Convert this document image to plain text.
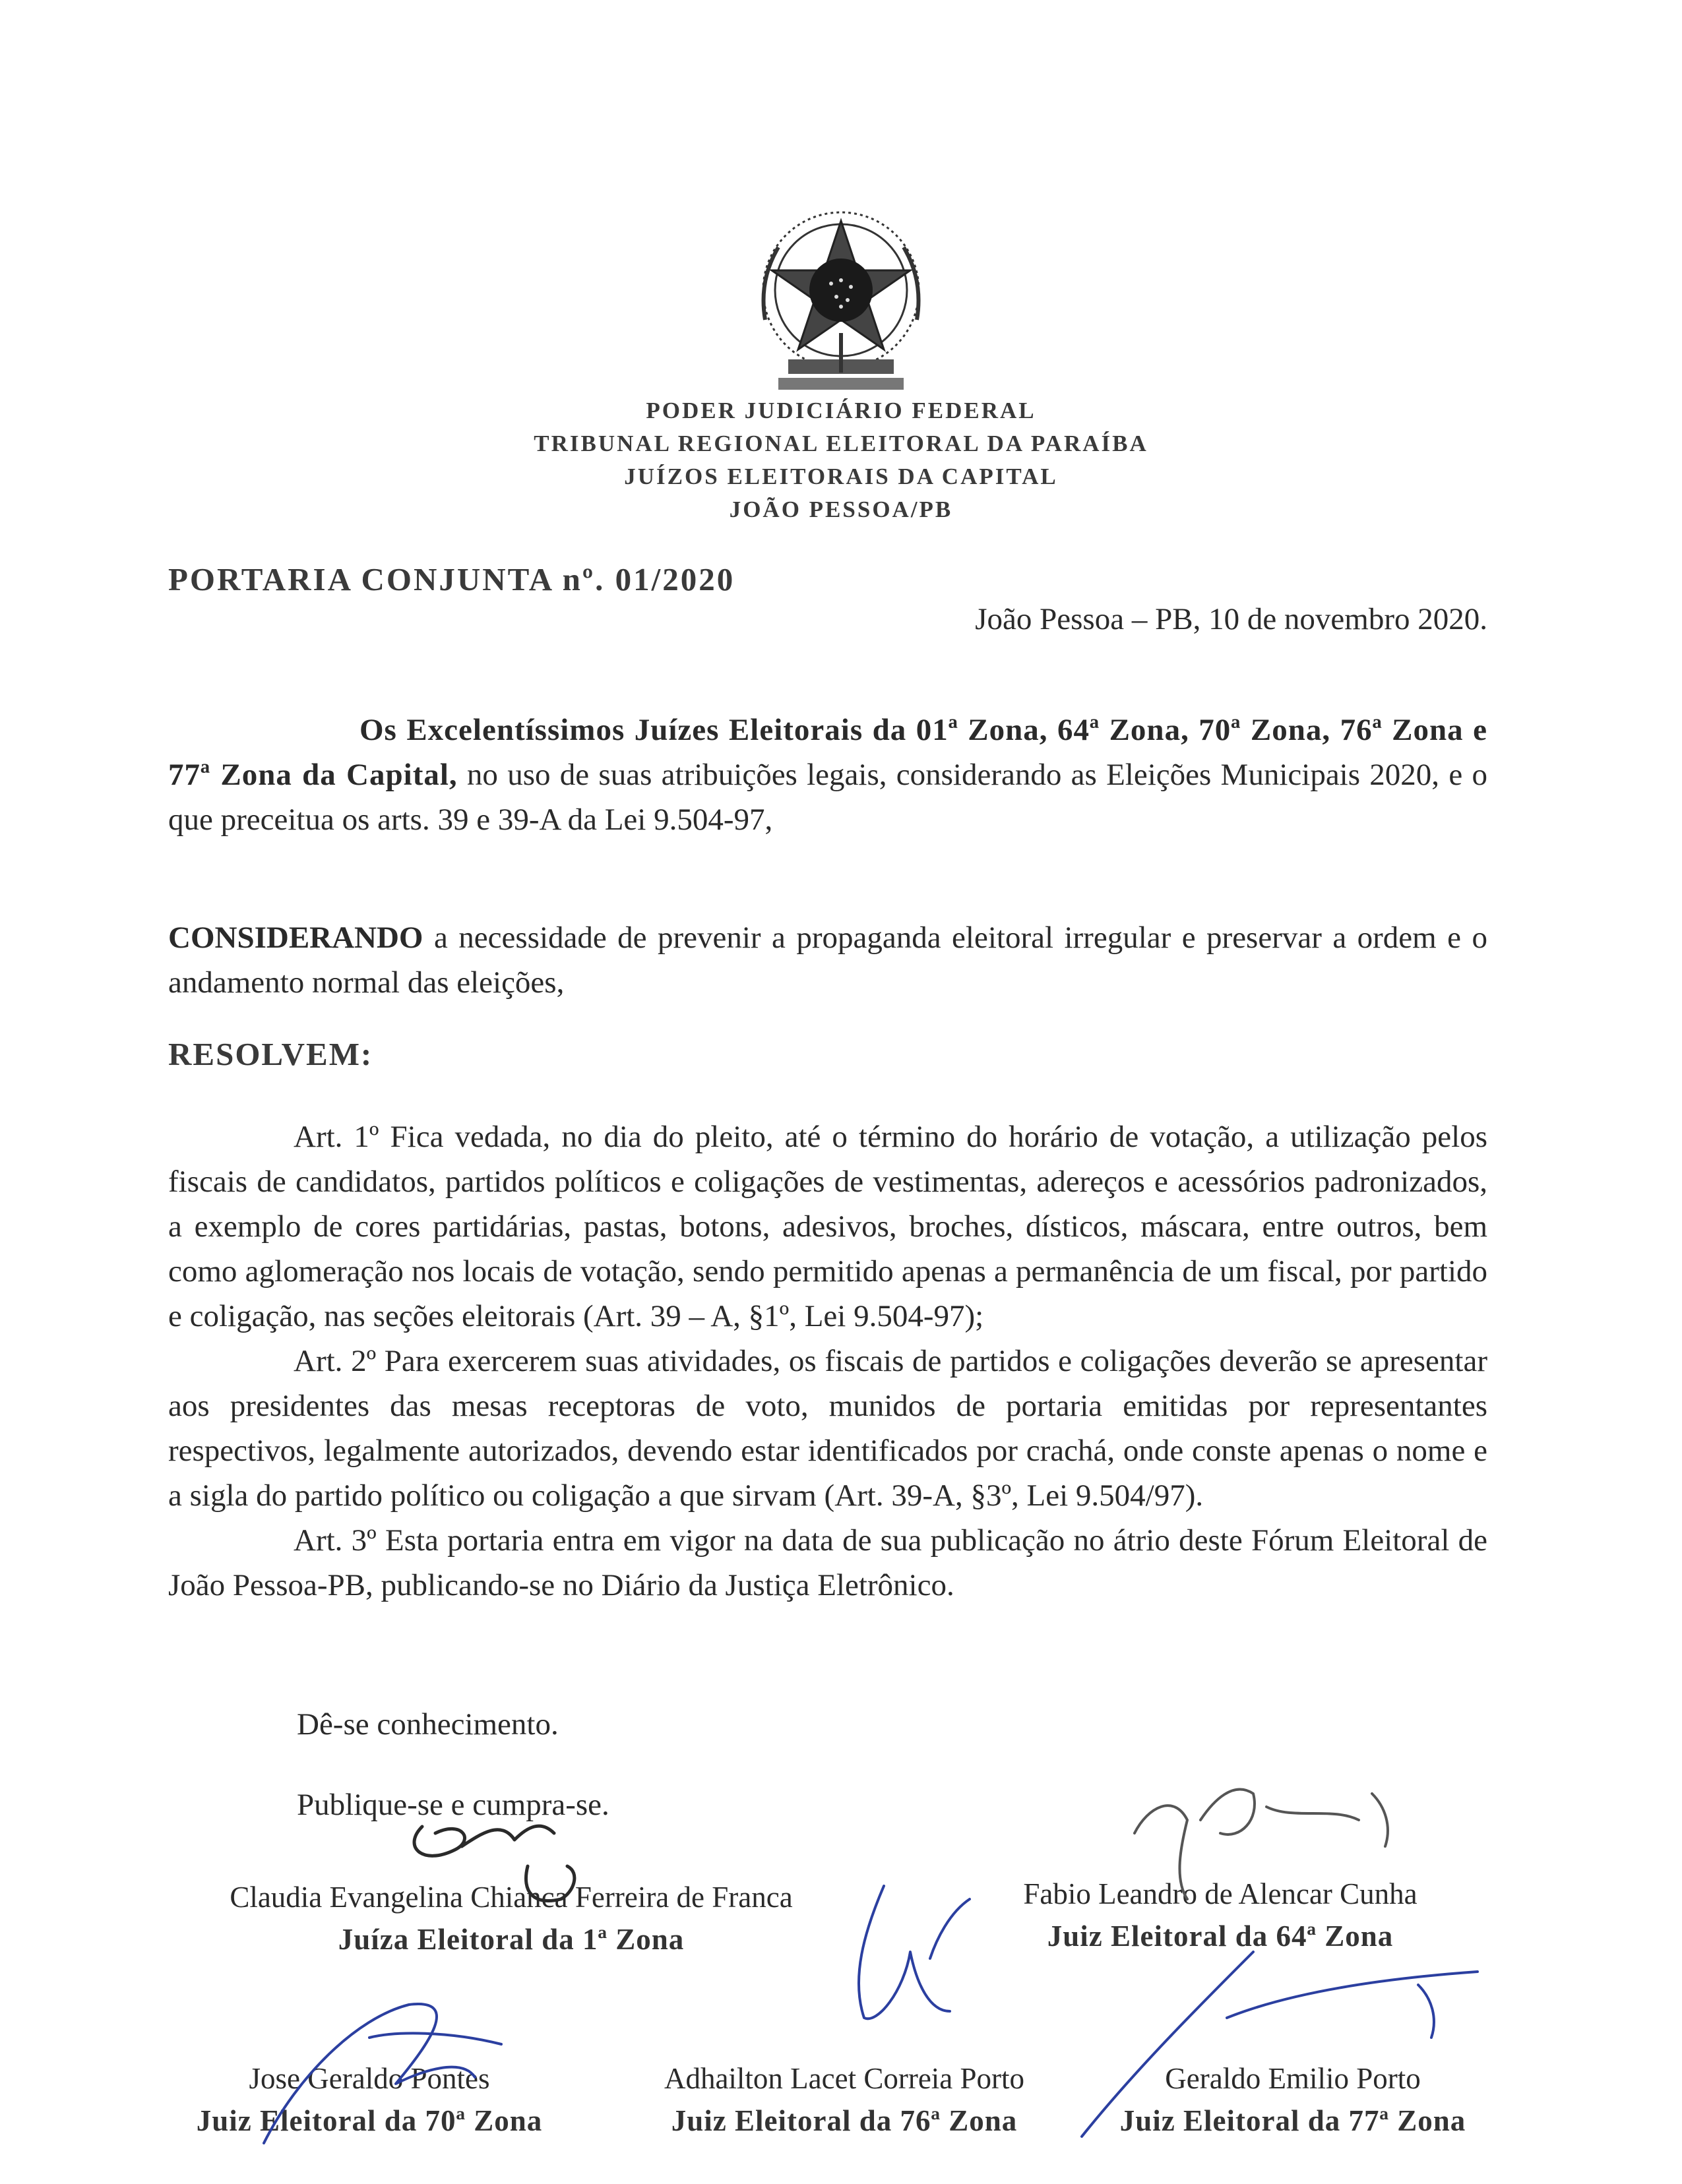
PODER JUDICIÁRIO FEDERAL
TRIBUNAL REGIONAL ELEITORAL DA PARAÍBA
JUÍZOS ELEITORAIS DA CAPITAL
JOÃO PESSOA/PB
PORTARIA CONJUNTA nº. 01/2020
João Pessoa – PB, 10 de novembro 2020.
Os Excelentíssimos Juízes Eleitorais da 01ª Zona, 64ª Zona, 70ª Zona, 76ª Zona e 77ª Zona da Capital, no uso de suas atribuições legais, considerando as Eleições Municipais 2020, e o que preceitua os arts. 39 e 39-A da Lei 9.504-97,
CONSIDERANDO a necessidade de prevenir a propaganda eleitoral irregular e preservar a ordem e o andamento normal das eleições,
RESOLVEM:

Art. 1º Fica vedada, no dia do pleito, até o término do horário de votação, a utilização pelos fiscais de candidatos, partidos políticos e coligações de vestimentas, adereços e acessórios padronizados, a exemplo de cores partidárias, pastas, botons, adesivos, broches, dísticos, máscara, entre outros, bem como aglomeração nos locais de votação, sendo permitido apenas a permanência de um fiscal, por partido e coligação, nas seções eleitorais (Art. 39 – A, §1º, Lei 9.504-97);

Art. 2º Para exercerem suas atividades, os fiscais de partidos e coligações deverão se apresentar aos presidentes das mesas receptoras de voto, munidos de portaria emitidas por representantes respectivos, legalmente autorizados, devendo estar identificados por crachá, onde conste apenas o nome e a sigla do partido político ou coligação a que sirvam (Art. 39-A, §3º, Lei 9.504/97).

Art. 3º Esta portaria entra em vigor na data de sua publicação no átrio deste Fórum Eleitoral de João Pessoa-PB, publicando-se no Diário da Justiça Eletrônico.

Dê-se conhecimento.
Publique-se e cumpra-se.
Claudia Evangelina Chianca Ferreira de Franca
Juíza Eleitoral da 1ª Zona
Fabio Leandro de Alencar Cunha
Juiz Eleitoral da 64ª Zona
Jose Geraldo Pontes
Juiz Eleitoral da 70ª Zona
Adhailton Lacet Correia Porto
Juiz Eleitoral da 76ª Zona
Geraldo Emilio Porto
Juiz Eleitoral da 77ª Zona
